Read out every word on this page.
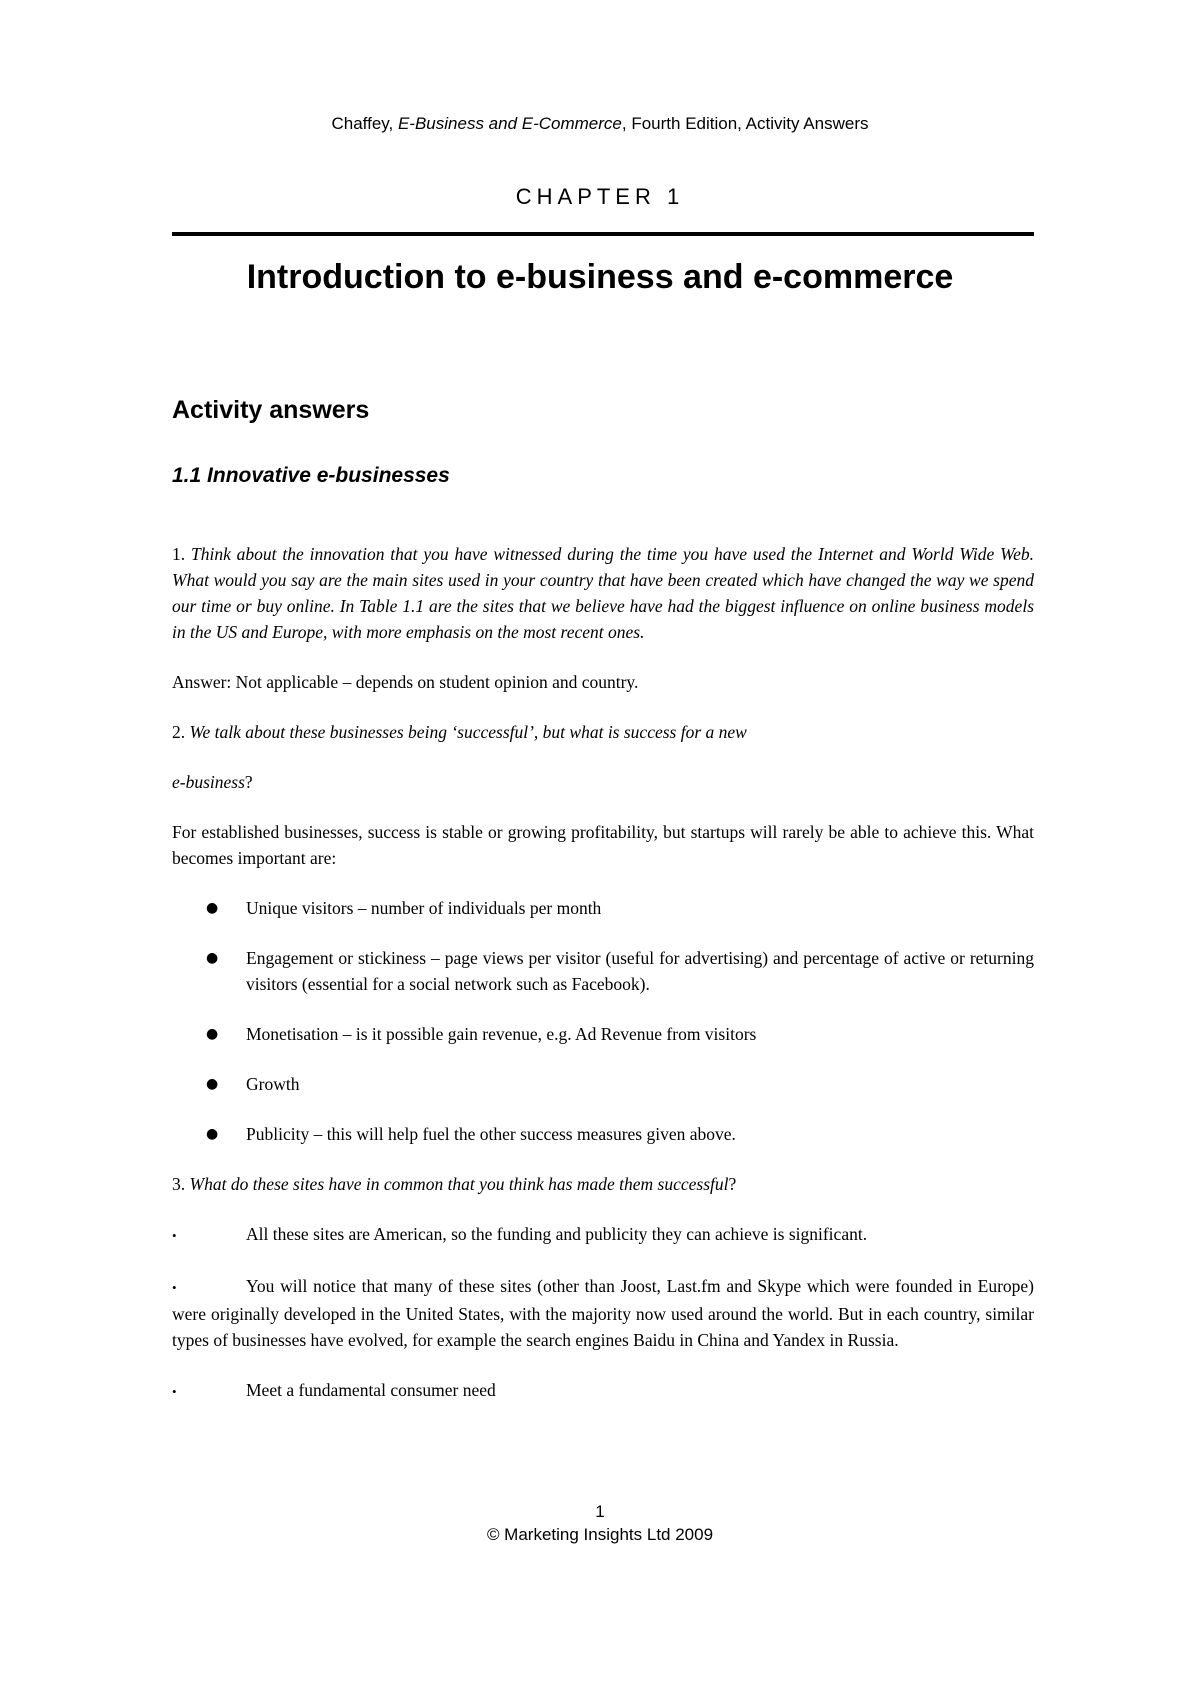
Chaffey, E-Business and E-Commerce, Fourth Edition, Activity Answers
CHAPTER 1
Introduction to e-business and e-commerce
Activity answers
1.1 Innovative e-businesses

1. Think about the innovation that you have witnessed during the time you have used the Internet and World Wide Web. What would you say are the main sites used in your country that have been created which have changed the way we spend our time or buy online. In Table 1.1 are the sites that we believe have had the biggest influence on online business models in the US and Europe, with more emphasis on the most recent ones.

Answer: Not applicable – depends on student opinion and country.

2. We talk about these businesses being ‘successful’, but what is success for a new

e-business?

For established businesses, success is stable or growing profitability, but startups will rarely be able to achieve this. What becomes important are:

● Unique visitors – number of individuals per month
● Engagement or stickiness – page views per visitor (useful for advertising) and percentage of active or returning visitors (essential for a social network such as Facebook).
● Monetisation – is it possible gain revenue, e.g. Ad Revenue from visitors
● Growth
● Publicity – this will help fuel the other success measures given above.

3. What do these sites have in common that you think has made them successful?

•	All these sites are American, so the funding and publicity they can achieve is significant.

•	You will notice that many of these sites (other than Joost, Last.fm and Skype which were founded in Europe) were originally developed in the United States, with the majority now used around the world. But in each country, similar types of businesses have evolved, for example the search engines Baidu in China and Yandex in Russia.

•	Meet a fundamental consumer need

1
© Marketing Insights Ltd 2009
